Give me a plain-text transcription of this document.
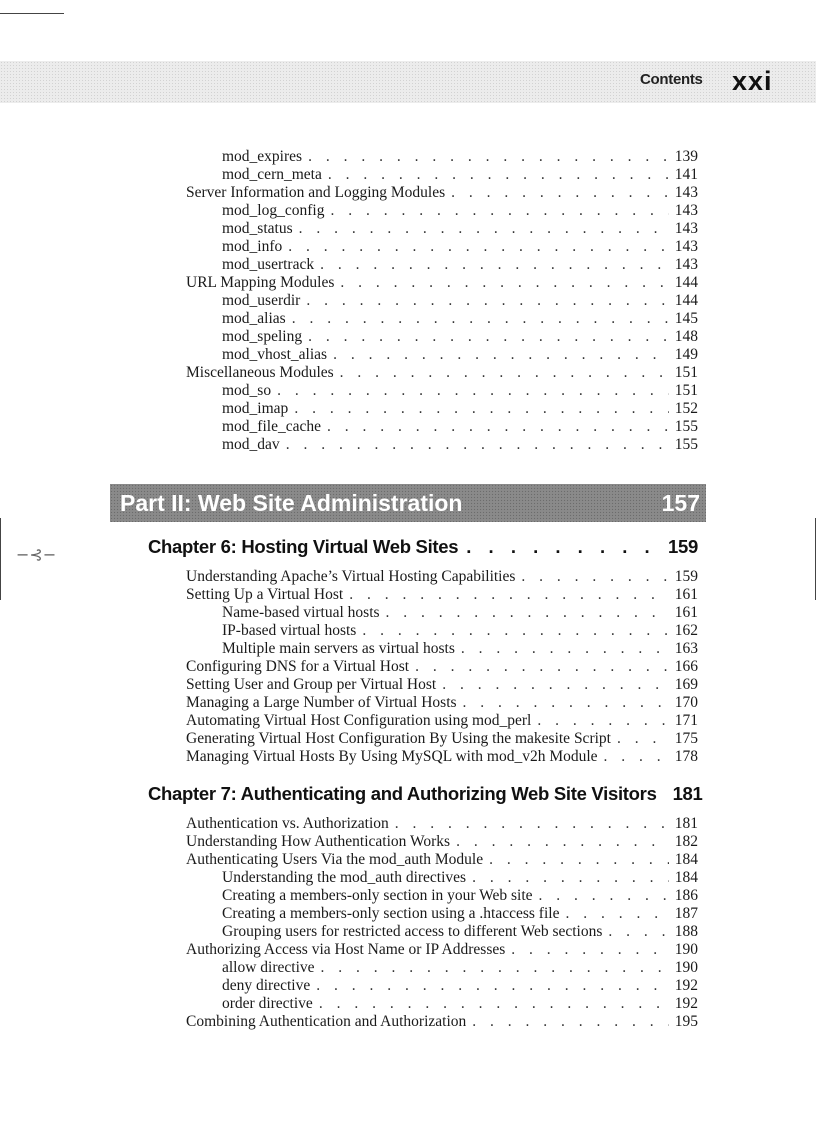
Contents xxi
mod_expires . . .	139
mod_cern_meta . . .	141
Server Information and Logging Modules . . .	143
mod_log_config . . .	143
mod_status . . .	143
mod_info . . .	143
mod_usertrack . . .	143
URL Mapping Modules . . .	144
mod_userdir . . .	144
mod_alias . . .	145
mod_speling . . .	148
mod_vhost_alias . . .	149
Miscellaneous Modules . . .	151
mod_so . . .	151
mod_imap . . .	152
mod_file_cache . . .	155
mod_dav . . .	155
Part II: Web Site Administration	157
−⊰−	Chapter 6: Hosting Virtual Web Sites . . .	159
Understanding Apache’s Virtual Hosting Capabilities . . .	159
Setting Up a Virtual Host . . .	161
Name-based virtual hosts . . .	161
IP-based virtual hosts . . .	162
Multiple main servers as virtual hosts . . .	163
Configuring DNS for a Virtual Host . . .	166
Setting User and Group per Virtual Host . . .	169
Managing a Large Number of Virtual Hosts . . .	170
Automating Virtual Host Configuration using mod_perl . . .	171
Generating Virtual Host Configuration By Using the makesite Script . . .	175
Managing Virtual Hosts By Using MySQL with mod_v2h Module . . .	178
Chapter 7: Authenticating and Authorizing Web Site Visitors 181
Authentication vs. Authorization . . .	181
Understanding How Authentication Works . . .	182
Authenticating Users Via the mod_auth Module . . .	184
Understanding the mod_auth directives . . .	184
Creating a members-only section in your Web site . . .	186
Creating a members-only section using a .htaccess file . . .	187
Grouping users for restricted access to different Web sections . . .	188
Authorizing Access via Host Name or IP Addresses . . .	190
allow directive . . .	190
deny directive . . .	192
order directive . . .	192
Combining Authentication and Authorization . . .	195
